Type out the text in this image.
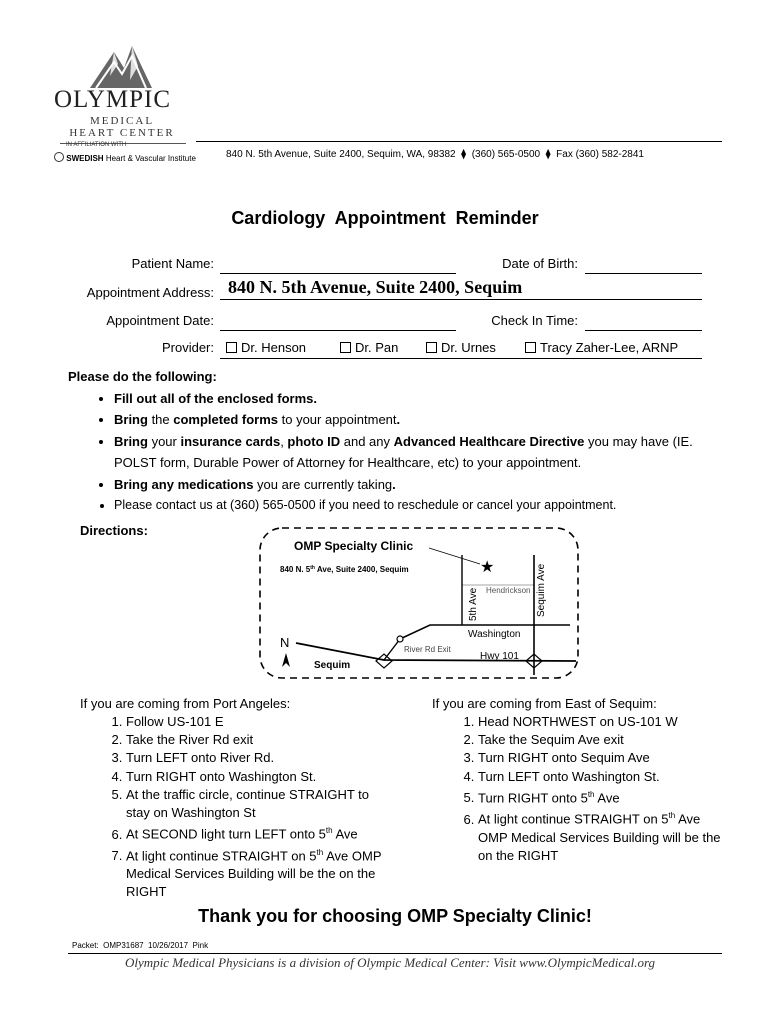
OLYMPIC
MEDICAL
HEART CENTER
IN AFFILIATION WITH
SWEDISH Heart & Vascular Institute	840 N. 5th Avenue, Suite 2400, Sequim, WA, 98382 ⧫ (360) 565-0500 ⧫ Fax (360) 582-2841
Cardiology  Appointment  Reminder
Patient Name:	Date of Birth:
Appointment Address: 840 N. 5th Avenue, Suite 2400, Sequim
Appointment Date:	Check In Time:
Provider:	Dr. Henson	Dr. Pan	Dr. Urnes	Tracy Zaher-Lee, ARNP
Please do the following:
• Fill out all of the enclosed forms.
• Bring the completed forms to your appointment.
• Bring your insurance cards, photo ID and any Advanced Healthcare Directive you may have (IE. POLST form, Durable Power of Attorney for Healthcare, etc) to your appointment.
• Bring any medications you are currently taking.
• Please contact us at (360) 565-0500 if you need to reschedule or cancel your appointment.
Directions:
OMP Specialty Clinic
840 N. 5th Ave, Suite 2400, Sequim	★	Sequim Ave
Hendrickson
5th Ave
Washington
River Rd Exit
Hwy 101
N
Sequim
If you are coming from Port Angeles:
1. Follow US-101 E
2. Take the River Rd exit
3. Turn LEFT onto River Rd.
4. Turn RIGHT onto Washington St.
5. At the traffic circle, continue STRAIGHT to stay on Washington St
6. At SECOND light turn LEFT onto 5th Ave
7. At light continue STRAIGHT on 5th Ave OMP Medical Services Building will be the on the RIGHT
If you are coming from East of Sequim:
1. Head NORTHWEST on US-101 W
2. Take the Sequim Ave exit
3. Turn RIGHT onto Sequim Ave
4. Turn LEFT onto Washington St.
5. Turn RIGHT onto 5th Ave
6. At light continue STRAIGHT on 5th Ave OMP Medical Services Building will be the on the RIGHT
Thank you for choosing OMP Specialty Clinic!
Packet:  OMP31687  10/26/2017  Pink
Olympic Medical Physicians is a division of Olympic Medical Center: Visit www.OlympicMedical.org
